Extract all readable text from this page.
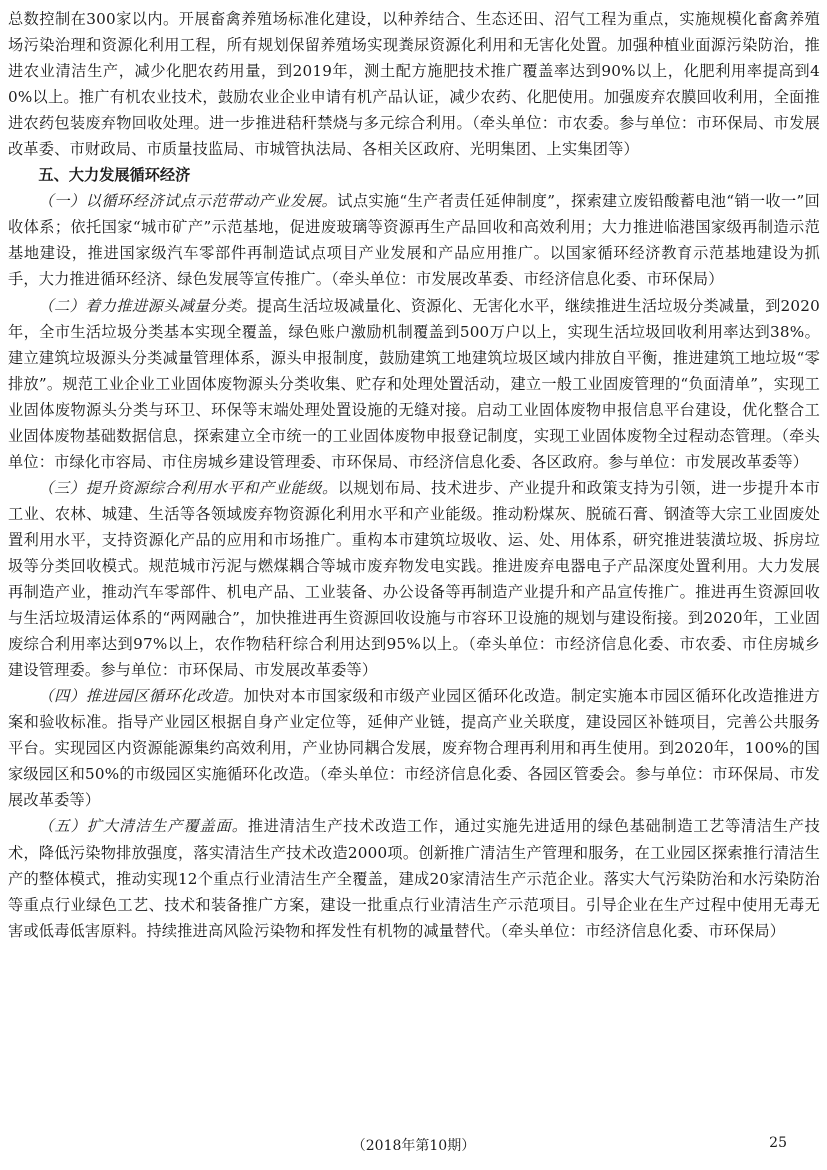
总数控制在300家以内。开展畜禽养殖场标准化建设，以种养结合、生态还田、沼气工程为重点，实施规模化畜禽养殖场污染治理和资源化利用工程，所有规划保留养殖场实现粪尿资源化利用和无害化处置。加强种植业面源污染防治，推进农业清洁生产，减少化肥农药用量，到2019年，测土配方施肥技术推广覆盖率达到90%以上，化肥利用率提高到40%以上。推广有机农业技术，鼓励农业企业申请有机产品认证，减少农药、化肥使用。加强废弃农膜回收利用，全面推进农药包装废弃物回收处理。进一步推进秸秆禁烧与多元综合利用。（牵头单位：市农委。参与单位：市环保局、市发展改革委、市财政局、市质量技监局、市城管执法局、各相关区政府、光明集团、上实集团等）

五、大力发展循环经济

（一）以循环经济试点示范带动产业发展。试点实施“生产者责任延伸制度”，探索建立废铅酸蓄电池“销一收一”回收体系；依托国家“城市矿产”示范基地，促进废玻璃等资源再生产品回收和高效利用；大力推进临港国家级再制造示范基地建设，推进国家级汽车零部件再制造试点项目产业发展和产品应用推广。以国家循环经济教育示范基地建设为抓手，大力推进循环经济、绿色发展等宣传推广。（牵头单位：市发展改革委、市经济信息化委、市环保局）

（二）着力推进源头减量分类。提高生活垃圾减量化、资源化、无害化水平，继续推进生活垃圾分类减量，到2020年，全市生活垃圾分类基本实现全覆盖，绿色账户激励机制覆盖到500万户以上，实现生活垃圾回收利用率达到38%。建立建筑垃圾源头分类减量管理体系，源头申报制度，鼓励建筑工地建筑垃圾区域内排放自平衡，推进建筑工地垃圾“零排放”。规范工业企业工业固体废物源头分类收集、贮存和处理处置活动，建立一般工业固废管理的“负面清单”，实现工业固体废物源头分类与环卫、环保等末端处理处置设施的无缝对接。启动工业固体废物申报信息平台建设，优化整合工业固体废物基础数据信息，探索建立全市统一的工业固体废物申报登记制度，实现工业固体废物全过程动态管理。（牵头单位：市绿化市容局、市住房城乡建设管理委、市环保局、市经济信息化委、各区政府。参与单位：市发展改革委等）

（三）提升资源综合利用水平和产业能级。以规划布局、技术进步、产业提升和政策支持为引领，进一步提升本市工业、农林、城建、生活等各领域废弃物资源化利用水平和产业能级。推动粉煤灰、脱硫石膏、钢渣等大宗工业固废处置利用水平，支持资源化产品的应用和市场推广。重构本市建筑垃圾收、运、处、用体系，研究推进装潢垃圾、拆房垃圾等分类回收模式。规范城市污泥与燃煤耦合等城市废弃物发电实践。推进废弃电器电子产品深度处置利用。大力发展再制造产业，推动汽车零部件、机电产品、工业装备、办公设备等再制造产业提升和产品宣传推广。推进再生资源回收与生活垃圾清运体系的“两网融合”，加快推进再生资源回收设施与市容环卫设施的规划与建设衔接。到2020年，工业固废综合利用率达到97%以上，农作物秸秆综合利用达到95%以上。（牵头单位：市经济信息化委、市农委、市住房城乡建设管理委。参与单位：市环保局、市发展改革委等）

（四）推进园区循环化改造。加快对本市国家级和市级产业园区循环化改造。制定实施本市园区循环化改造推进方案和验收标准。指导产业园区根据自身产业定位等，延伸产业链，提高产业关联度，建设园区补链项目，完善公共服务平台。实现园区内资源能源集约高效利用，产业协同耦合发展，废弃物合理再利用和再生使用。到2020年，100%的国家级园区和50%的市级园区实施循环化改造。（牵头单位：市经济信息化委、各园区管委会。参与单位：市环保局、市发展改革委等）

（五）扩大清洁生产覆盖面。推进清洁生产技术改造工作，通过实施先进适用的绿色基础制造工艺等清洁生产技术，降低污染物排放强度，落实清洁生产技术改造2000项。创新推广清洁生产管理和服务，在工业园区探索推行清洁生产的整体模式，推动实现12个重点行业清洁生产全覆盖，建成20家清洁生产示范企业。落实大气污染防治和水污染防治等重点行业绿色工艺、技术和装备推广方案，建设一批重点行业清洁生产示范项目。引导企业在生产过程中使用无毒无害或低毒低害原料。持续推进高风险污染物和挥发性有机物的减量替代。（牵头单位：市经济信息化委、市环保局）

（2018年第10期）	25
